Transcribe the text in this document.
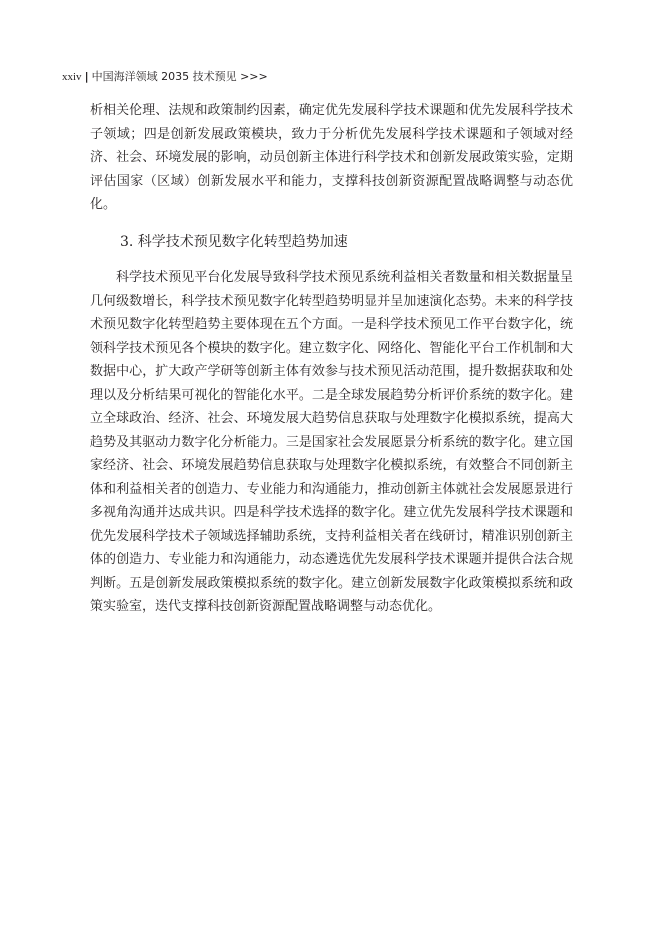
xxiv | 中国海洋领域 2035 技术预见 >>>

析相关伦理、法规和政策制约因素，确定优先发展科学技术课题和优先发展科学技术子领域；四是创新发展政策模块，致力于分析优先发展科学技术课题和子领域对经济、社会、环境发展的影响，动员创新主体进行科学技术和创新发展政策实验，定期评估国家（区域）创新发展水平和能力，支撑科技创新资源配置战略调整与动态优化。

3. 科学技术预见数字化转型趋势加速

科学技术预见平台化发展导致科学技术预见系统利益相关者数量和相关数据量呈几何级数增长，科学技术预见数字化转型趋势明显并呈加速演化态势。未来的科学技术预见数字化转型趋势主要体现在五个方面。一是科学技术预见工作平台数字化，统领科学技术预见各个模块的数字化。建立数字化、网络化、智能化平台工作机制和大数据中心，扩大政产学研等创新主体有效参与技术预见活动范围，提升数据获取和处理以及分析结果可视化的智能化水平。二是全球发展趋势分析评价系统的数字化。建立全球政治、经济、社会、环境发展大趋势信息获取与处理数字化模拟系统，提高大趋势及其驱动力数字化分析能力。三是国家社会发展愿景分析系统的数字化。建立国家经济、社会、环境发展趋势信息获取与处理数字化模拟系统，有效整合不同创新主体和利益相关者的创造力、专业能力和沟通能力，推动创新主体就社会发展愿景进行多视角沟通并达成共识。四是科学技术选择的数字化。建立优先发展科学技术课题和优先发展科学技术子领域选择辅助系统，支持利益相关者在线研讨，精准识别创新主体的创造力、专业能力和沟通能力，动态遴选优先发展科学技术课题并提供合法合规判断。五是创新发展政策模拟系统的数字化。建立创新发展数字化政策模拟系统和政策实验室，迭代支撑科技创新资源配置战略调整与动态优化。
